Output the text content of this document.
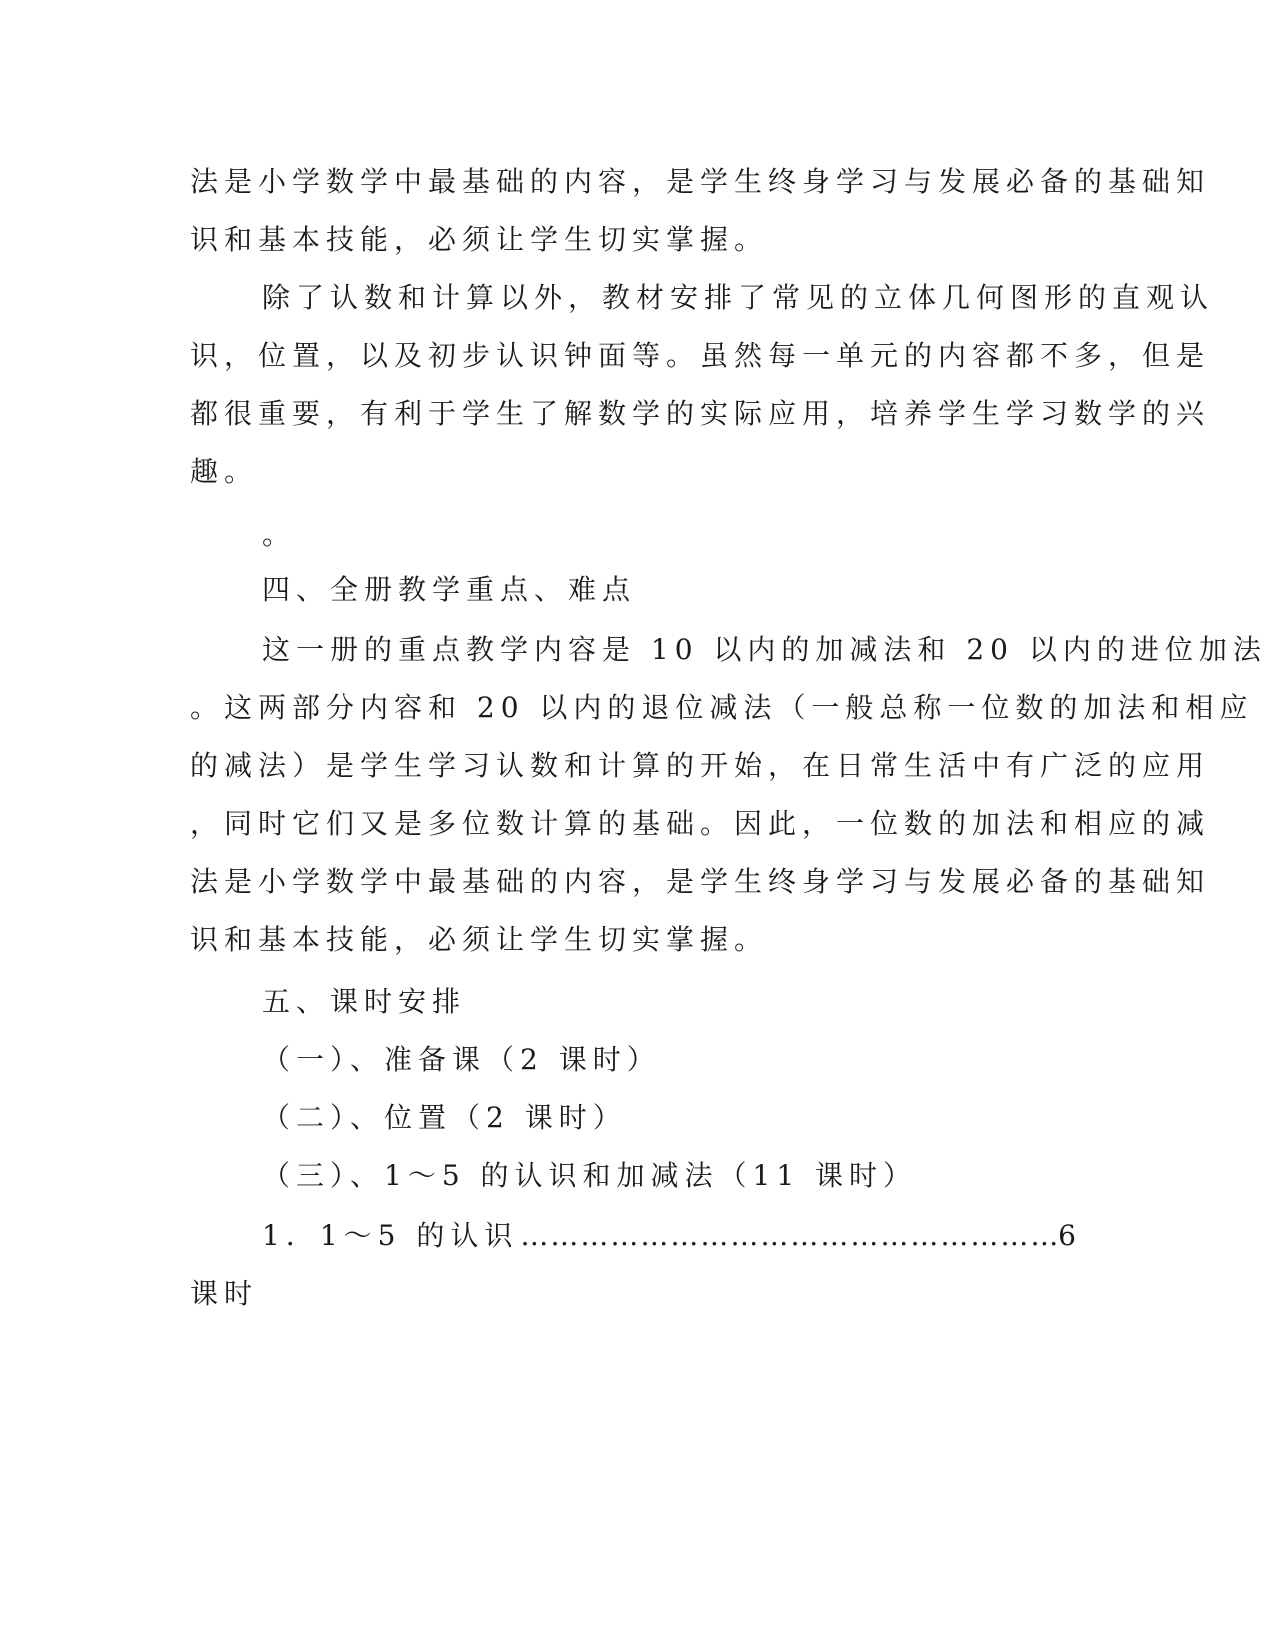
法是小学数学中最基础的内容，是学生终身学习与发展必备的基础知

识和基本技能，必须让学生切实掌握。

除了认数和计算以外，教材安排了常见的立体几何图形的直观认

识，位置，以及初步认识钟面等。虽然每一单元的内容都不多，但是

都很重要，有利于学生了解数学的实际应用，培养学生学习数学的兴

趣。

。

四、全册教学重点、难点

这一册的重点教学内容是 10 以内的加减法和 20 以内的进位加法

。这两部分内容和 20 以内的退位减法（一般总称一位数的加法和相应

的减法）是学生学习认数和计算的开始，在日常生活中有广泛的应用

，同时它们又是多位数计算的基础。因此，一位数的加法和相应的减

法是小学数学中最基础的内容，是学生终身学习与发展必备的基础知

识和基本技能，必须让学生切实掌握。

五、课时安排

（一）、准备课（2 课时）

（二）、位置（2 课时）

（三）、1～5 的认识和加减法（11 课时）

1．1～5 的认识
…………………………………………………………………………………………………………	6

课时
